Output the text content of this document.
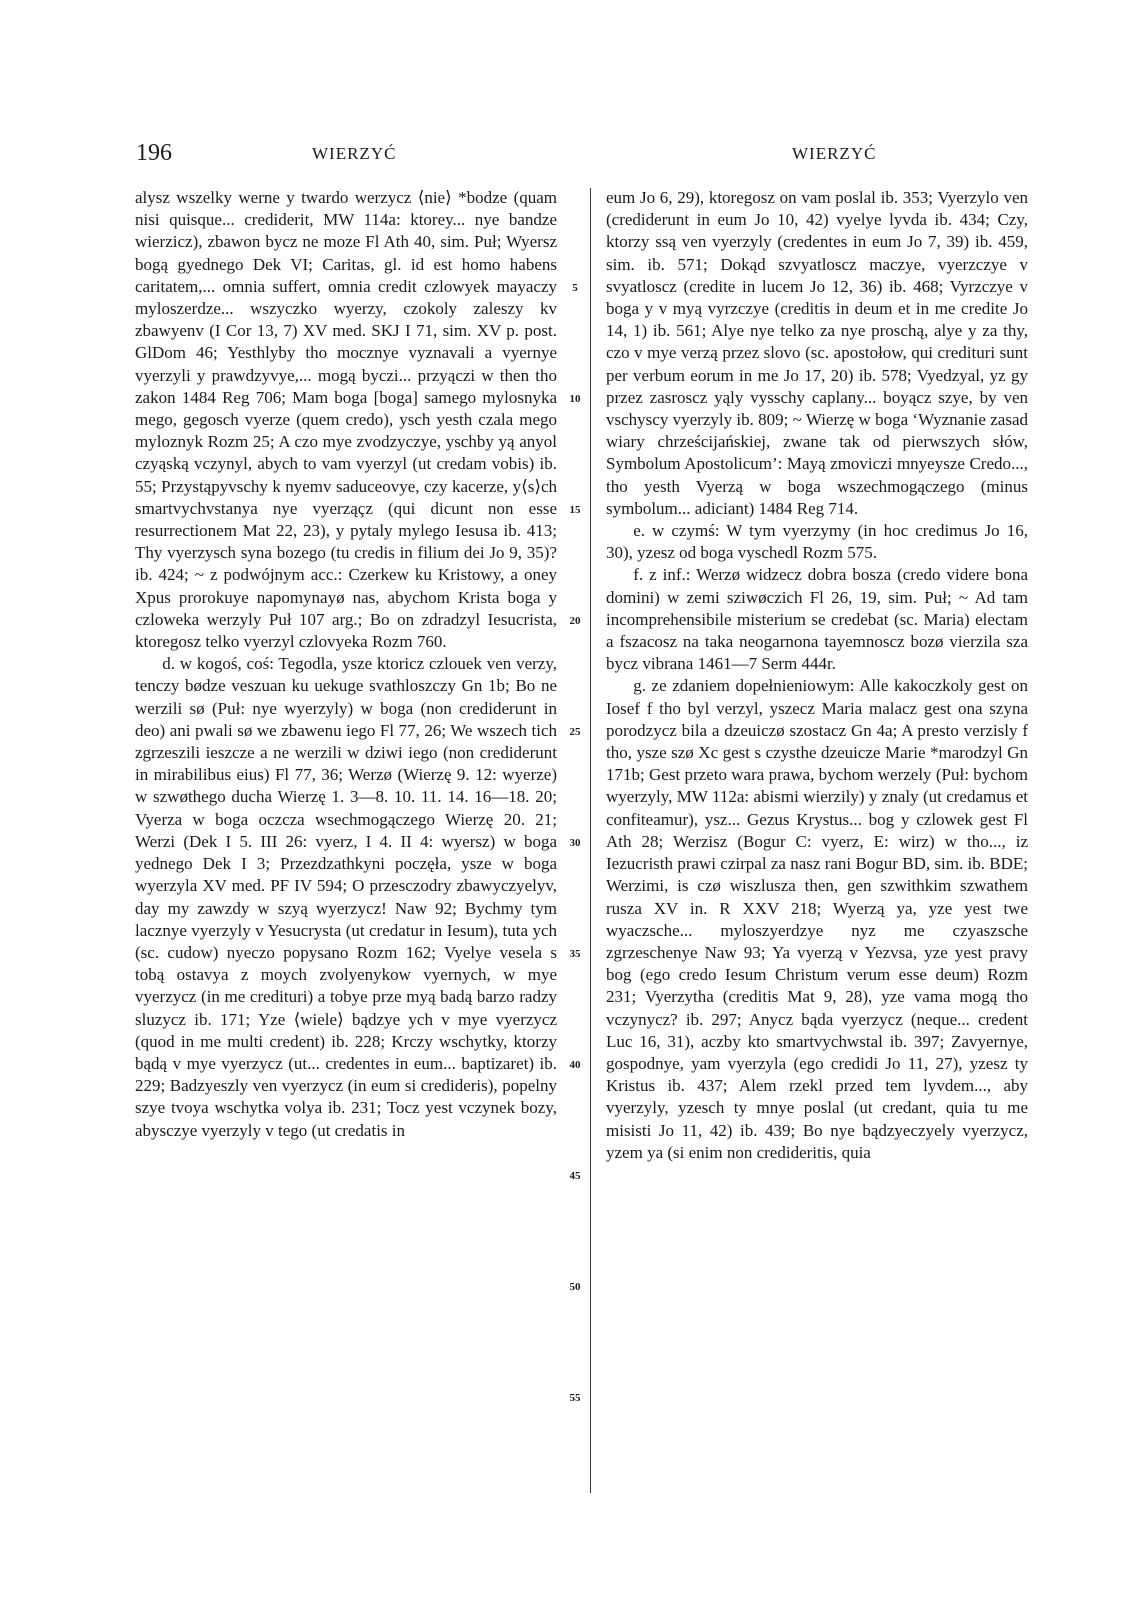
196	WIERZYĆ	WIERZYĆ

alysz wszelky werne y twardo werzycz ⟨nie⟩ *bodze (quam nisi quisque... crediderit, MW 114a: ktorey... nye bandze wierzicz), zbawon bycz ne moze Fl Ath 40, sim. Puł; Wyersz bogą gyednego Dek VI; Caritas, gl. id est homo habens caritatem,... omnia suffert, omnia credit czlowyek mayaczy myloszerdze... wszyczko wyerzy, czokoly zaleszy kv zbawyenv (I Cor 13, 7) XV med. SKJ I 71, sim. XV p. post. GlDom 46; Yesthlyby tho mocznye vyznavali a vyernye vyerzyli y prawdzyvye,... mogą byczi... przyączi w then tho zakon 1484 Reg 706; Mam boga [boga] samego mylosnyka mego, gegosch vyerze (quem credo), ysch yesth czala mego myloznyk Rozm 25; A czo mye zvodzyczye, yschby yą anyol czyąską vczynyl, abych to vam vyerzyl (ut credam vobis) ib. 55; Przystąpyvschy k nyemv saduceovye, czy kacerze, y⟨s⟩ch smartvychvstanya nye vyerząçz (qui dicunt non esse resurrectionem Mat 22, 23), y pytaly mylego Iesusa ib. 413; Thy vyerzysch syna bozego (tu credis in filium dei Jo 9, 35)? ib. 424; ~ z podwójnym acc.: Czerkew ku Kristowy, a oney Xpus prorokuye napomynayø nas, abychom Krista boga y czloweka werzyly Puł 107 arg.; Bo on zdradzyl Iesucrista, ktoregosz telko vyerzyl czlovyeka Rozm 760.

d. w kogoś, coś: Tegodla, ysze ktoricz czlouek ven verzy, tenczy bødze veszuan ku uekuge svathloszczy Gn 1b; Bo ne werzili sø (Puł: nye wyerzyly) w boga (non crediderunt in deo) ani pwali sø we zbawenu iego Fl 77, 26; We wszech tich zgrzeszili ieszcze a ne werzili w dziwi iego (non crediderunt in mirabilibus eius) Fl 77, 36; Werzø (Wierzę 9. 12: wyerze) w szwøthego ducha Wierzę 1. 3—8. 10. 11. 14. 16—18. 20; Vyerza w boga oczcza wsechmogączego Wierzę 20. 21; Werzi (Dek I 5. III 26: vyerz, I 4. II 4: wyersz) w boga yednego Dek I 3; Przezdzathkyni poczęła, ysze w boga wyerzyla XV med. PF IV 594; O przesczodry zbawyczyelyv, day my zawzdy w szyą wyerzycz! Naw 92; Bychmy tym lacznye vyerzyly v Yesucrysta (ut credatur in Iesum), tuta ych (sc. cudow) nyeczo popysano Rozm 162; Vyelye vesela s tobą ostavya z moych zvolyenykow vyernych, w mye vyerzycz (in me crediturі) a tobye prze myą badą barzo radzy sluzycz ib. 171; Yze ⟨wiele⟩ bądzye ych v mye vyerzycz (quod in me multi credent) ib. 228; Krczy wschytky, ktorzy bądą v mye vyerzycz (ut... credentes in eum... baptizaret) ib. 229; Badzyeszly ven vyerzycz (in eum si credideris), popelny szye tvoya wschytka volya ib. 231; Tocz yest vczynek bozy, abysczye vyerzyly v tego (ut credatis in

5
10
15
20
25
30
35
40
45
50
55

eum Jo 6, 29), ktoregosz on vam poslal ib. 353; Vyerzylo ven (crediderunt in eum Jo 10, 42) vyelye lyvda ib. 434; Czy, ktorzy ssą ven vyerzyly (credentes in eum Jo 7, 39) ib. 459, sim. ib. 571; Dokąd szvyatloscz maczye, vyerzczye v svyatloscz (credite in lucem Jo 12, 36) ib. 468; Vyrzczye v boga y v myą vyrzczye (creditis in deum et in me credite Jo 14, 1) ib. 561; Alye nye telko za nye proschą, alye y za thy, czo v mye verzą przez slovo (sc. apostołow, qui crediturі sunt per verbum eorum in me Jo 17, 20) ib. 578; Vyedzyal, yz gy przez zasroscz yąly vysschy caplany... boyącz szye, by ven vschyscy vyerzyly ib. 809; ~ Wierzę w boga ‘Wyznanie zasad wiary chrześcijańskiej, zwane tak od pierwszych słów, Symbolum Apostolicum’: Mayą zmoviczi mnyeysze Credo..., tho yesth Vyerzą w boga wszechmogączego (minus symbolum... adiciant) 1484 Reg 714.

e. w czymś: W tym vyerzymy (in hoc credimus Jo 16, 30), yzesz od boga vyschedl Rozm 575.

f. z inf.: Werzø widzecz dobra bosza (credo videre bona domini) w zemi sziwøczich Fl 26, 19, sim. Puł; ~ Ad tam incomprehensibile misterium se credebat (sc. Maria) electam a fszacosz na taka neogarnona tayemnoscz bozø vierzila sza bycz vibrana 1461—7 Serm 444r.

g. ze zdaniem dopełnieniowym: Alle kakoczkoly gest on Iosef f tho byl verzyl, yszecz Maria malacz gest ona szyna porodzycz bila a dzeuiczø szostacz Gn 4a; A presto verzisly f tho, ysze szø Xc gest s czysthe dzeuicze Marie *marodzyl Gn 171b; Gest przeto wara prawa, bychom werzely (Puł: bychom wyerzyly, MW 112a: abismi wierzily) y znaly (ut credamus et confiteamur), ysz... Gezus Krystus... bog y czlowek gest Fl Ath 28; Werzisz (Bogur C: vyerz, E: wirz) w tho..., iz Iezucristh prawi czirpal za nasz rani Bogur BD, sim. ib. BDE; Werzimi, is czø wiszlusza then, gen szwithkim szwathem rusza XV in. R XXV 218; Wyerzą ya, yze yest twe wyaczsche... myloszyerdzye nyz me czyaszsche zgrzeschenye Naw 93; Ya vyerzą v Yezvsa, yze yest pravy bog (ego credo Iesum Christum verum esse deum) Rozm 231; Vyerzytha (creditis Mat 9, 28), yze vama mogą tho vczynycz? ib. 297; Anycz bąda vyerzycz (neque... credent Luc 16, 31), aczby kto smartvychwstal ib. 397; Zavyernye, gospodnye, yam vyerzyla (ego credidi Jo 11, 27), yzesz ty Kristus ib. 437; Alem rzekl przed tem lyvdem..., aby vyerzyly, yzesch ty mnye poslal (ut credant, quia tu me misisti Jo 11, 42) ib. 439; Bo nye bądzyeczyely vyerzycz, yzem ya (si enim non credideritis, quia
